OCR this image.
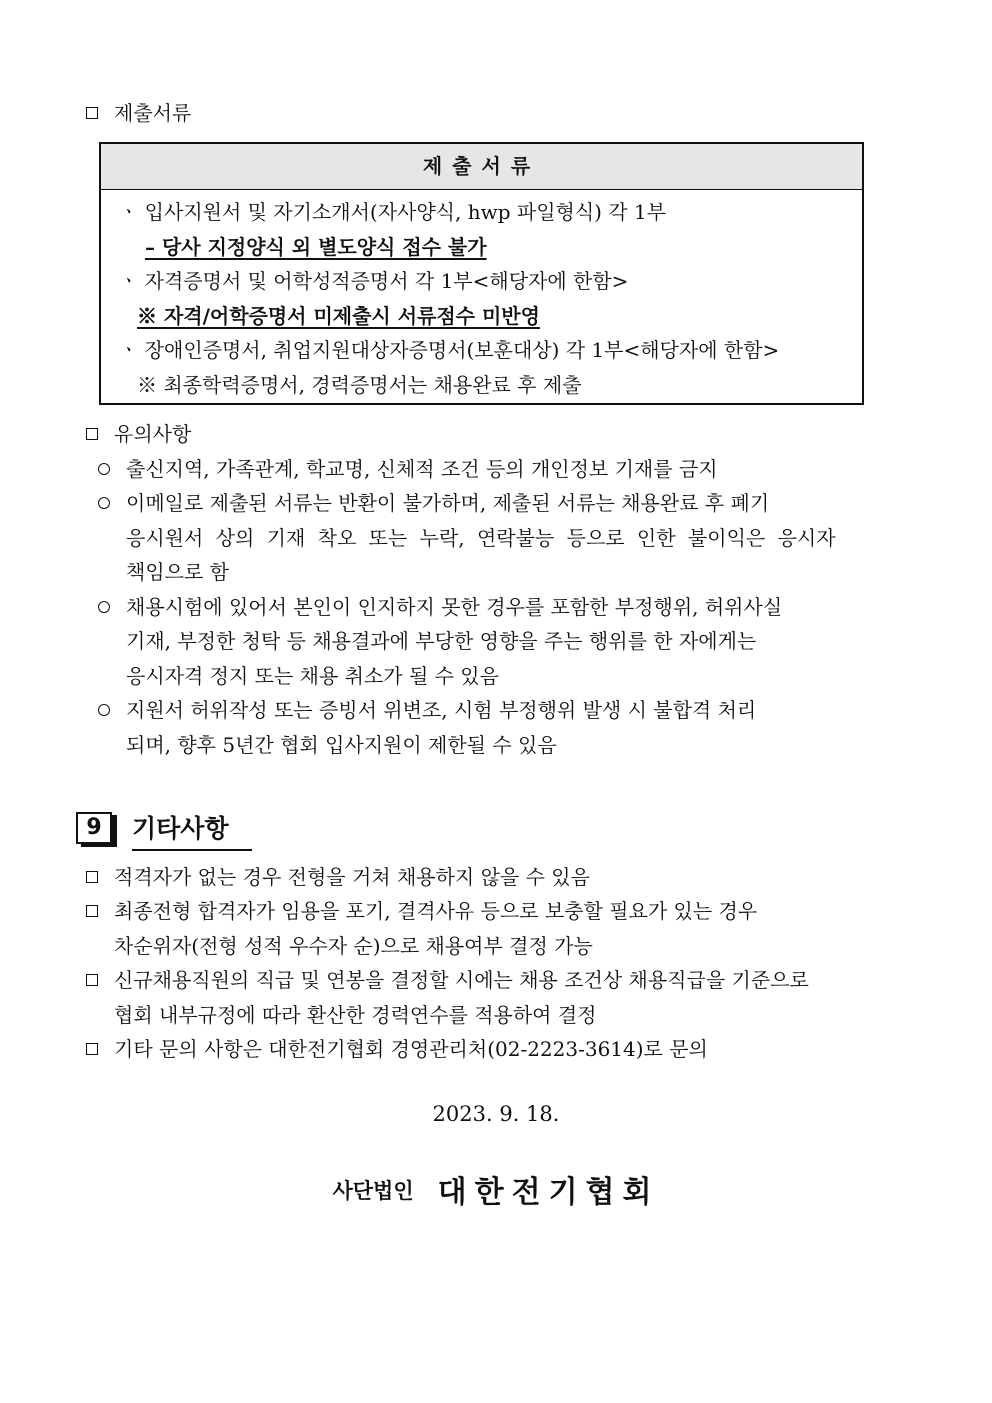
제출서류
제출서류
ㆍ 입사지원서 및 자기소개서(자사양식, hwp 파일형식) 각 1부
– 당사 지정양식 외 별도양식 접수 불가
ㆍ 자격증명서 및 어학성적증명서 각 1부<해당자에 한함>
※ 자격/어학증명서 미제출시 서류점수 미반영
ㆍ 장애인증명서, 취업지원대상자증명서(보훈대상) 각 1부<해당자에 한함>
※ 최종학력증명서, 경력증명서는 채용완료 후 제출
유의사항
출신지역, 가족관계, 학교명, 신체적 조건 등의 개인정보 기재를 금지
이메일로 제출된 서류는 반환이 불가하며, 제출된 서류는 채용완료 후 폐기
응시원서 상의 기재 착오 또는 누락, 연락불능 등으로 인한 불이익은 응시자
책임으로 함
채용시험에 있어서 본인이 인지하지 못한 경우를 포함한 부정행위, 허위사실
기재, 부정한 청탁 등 채용결과에 부당한 영향을 주는 행위를 한 자에게는
응시자격 정지 또는 채용 취소가 될 수 있음
지원서 허위작성 또는 증빙서 위변조, 시험 부정행위 발생 시 불합격 처리
되며, 향후 5년간 협회 입사지원이 제한될 수 있음
9	기타사항
적격자가 없는 경우 전형을 거쳐 채용하지 않을 수 있음
최종전형 합격자가 임용을 포기, 결격사유 등으로 보충할 필요가 있는 경우
차순위자(전형 성적 우수자 순)으로 채용여부 결정 가능
신규채용직원의 직급 및 연봉을 결정할 시에는 채용 조건상 채용직급을 기준으로
협회 내부규정에 따라 환산한 경력연수를 적용하여 결정
기타 문의 사항은 대한전기협회 경영관리처(02-2223-3614)로 문의
2023. 9. 18.
사단법인 대한전기협회
